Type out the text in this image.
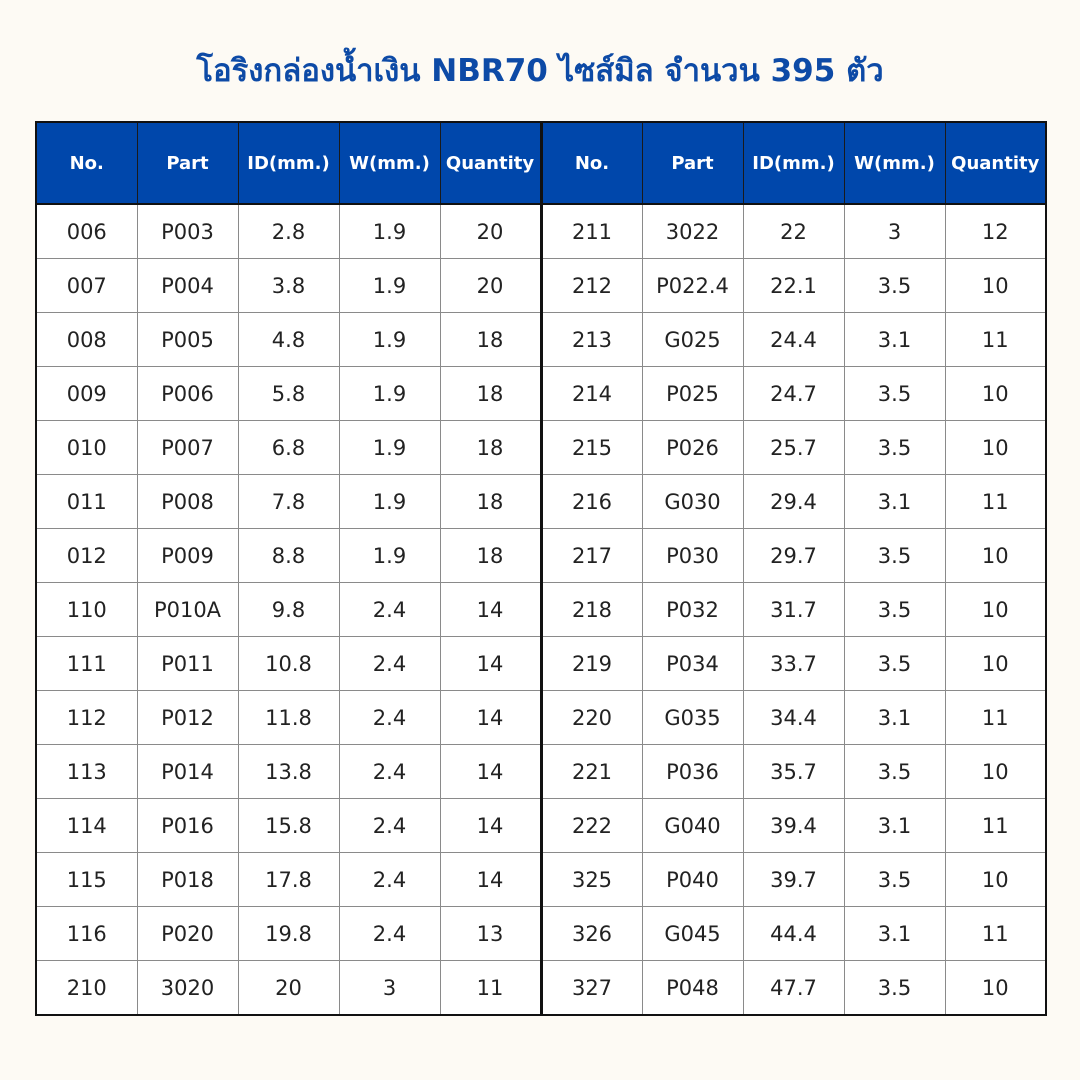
โอริงกล่องน้ำเงิน NBR70 ไซส์มิล จำนวน 395 ตัว
No.	Part	ID(mm.)	W(mm.)	Quantity	No.	Part	ID(mm.)	W(mm.)	Quantity
006	P003	2.8	1.9	20	211	3022	22	3	12
007	P004	3.8	1.9	20	212	P022.4	22.1	3.5	10
008	P005	4.8	1.9	18	213	G025	24.4	3.1	11
009	P006	5.8	1.9	18	214	P025	24.7	3.5	10
010	P007	6.8	1.9	18	215	P026	25.7	3.5	10
011	P008	7.8	1.9	18	216	G030	29.4	3.1	11
012	P009	8.8	1.9	18	217	P030	29.7	3.5	10
110	P010A	9.8	2.4	14	218	P032	31.7	3.5	10
111	P011	10.8	2.4	14	219	P034	33.7	3.5	10
112	P012	11.8	2.4	14	220	G035	34.4	3.1	11
113	P014	13.8	2.4	14	221	P036	35.7	3.5	10
114	P016	15.8	2.4	14	222	G040	39.4	3.1	11
115	P018	17.8	2.4	14	325	P040	39.7	3.5	10
116	P020	19.8	2.4	13	326	G045	44.4	3.1	11
210	3020	20	3	11	327	P048	47.7	3.5	10
